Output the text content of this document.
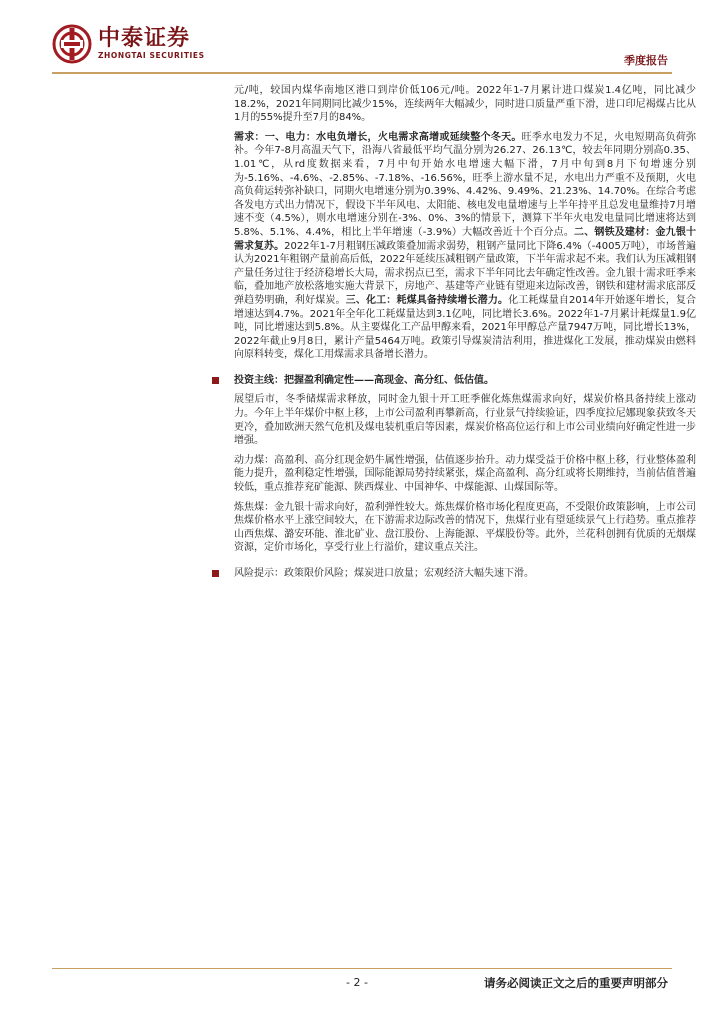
中泰证券
ZHONGTAI SECURITIES	季度报告

元/吨，较国内煤华南地区港口到岸价低106元/吨。2022年1-7月累计进口煤炭1.4亿吨，同比减少18.2%，2021年同期同比减少15%，连续两年大幅减少，同时进口质量严重下滑，进口印尼褐煤占比从1月的55%提升至7月的84%。

需求：一、电力：水电负增长，火电需求高增或延续整个冬天。旺季水电发力不足，火电短期高负荷弥补。今年7-8月高温天气下，沿海八省最低平均气温分别为26.27、26.13℃，较去年同期分别高0.35、1.01℃，从rd度数据来看，7月中旬开始水电增速大幅下滑，7月中旬到8月下旬增速分别为-5.16%、-4.6%、-2.85%、-7.18%、-16.56%，旺季上游水量不足，水电出力严重不及预期，火电高负荷运转弥补缺口，同期火电增速分别为0.39%、4.42%、9.49%、21.23%、14.70%。在综合考虑各发电方式出力情况下，假设下半年风电、太阳能、核电发电量增速与上半年持平且总发电量维持7月增速不变（4.5%），则水电增速分别在-3%、0%、3%的情景下，测算下半年火电发电量同比增速将达到5.8%、5.1%、4.4%，相比上半年增速（-3.9%）大幅改善近十个百分点。二、钢铁及建材：金九银十需求复苏。2022年1-7月粗钢压减政策叠加需求弱势，粗钢产量同比下降6.4%（-4005万吨），市场普遍认为2021年粗钢产量前高后低，2022年延续压减粗钢产量政策，下半年需求起不来。我们认为压减粗钢产量任务过往于经济稳增长大局，需求拐点已至，需求下半年同比去年确定性改善。金九银十需求旺季来临，叠加地产放松落地实施大背景下，房地产、基建等产业链有望迎来边际改善，钢铁和建材需求底部反弹趋势明确，利好煤炭。三、化工：耗煤具备持续增长潜力。化工耗煤量自2014年开始逐年增长，复合增速达到4.7%。2021年全年化工耗煤量达到3.1亿吨，同比增长3.6%。2022年1-7月累计耗煤量1.9亿吨，同比增速达到5.8%。从主要煤化工产品甲醇来看，2021年甲醇总产量7947万吨，同比增长13%，2022年截止9月8日，累计产量5464万吨。政策引导煤炭清洁利用，推进煤化工发展，推动煤炭由燃料向原料转变，煤化工用煤需求具备增长潜力。

投资主线：把握盈利确定性——高现金、高分红、低估值。

展望后市，冬季储煤需求释放，同时金九银十开工旺季催化炼焦煤需求向好，煤炭价格具备持续上涨动力。今年上半年煤价中枢上移，上市公司盈利再攀新高，行业景气持续验证，四季度拉尼娜现象获致冬天更冷，叠加欧洲天然气危机及煤电装机重启等因素，煤炭价格高位运行和上市公司业绩向好确定性进一步增强。

动力煤：高盈利、高分红现金奶牛属性增强，估值逐步抬升。动力煤受益于价格中枢上移，行业整体盈利能力提升，盈利稳定性增强，国际能源局势持续紧张，煤企高盈利、高分红或将长期维持，当前估值普遍较低，重点推荐兖矿能源、陕西煤业、中国神华、中煤能源、山煤国际等。

炼焦煤：金九银十需求向好，盈利弹性较大。炼焦煤价格市场化程度更高，不受限价政策影响，上市公司焦煤价格水平上涨空间较大，在下游需求边际改善的情况下，焦煤行业有望延续景气上行趋势。重点推荐山西焦煤、潞安环能、淮北矿业、盘江股份、上海能源、平煤股份等。此外，兰花科创拥有优质的无烟煤资源，定价市场化，享受行业上行溢价，建议重点关注。

风险提示：政策限价风险；煤炭进口放量；宏观经济大幅失速下滑。

- 2 -	请务必阅读正文之后的重要声明部分
